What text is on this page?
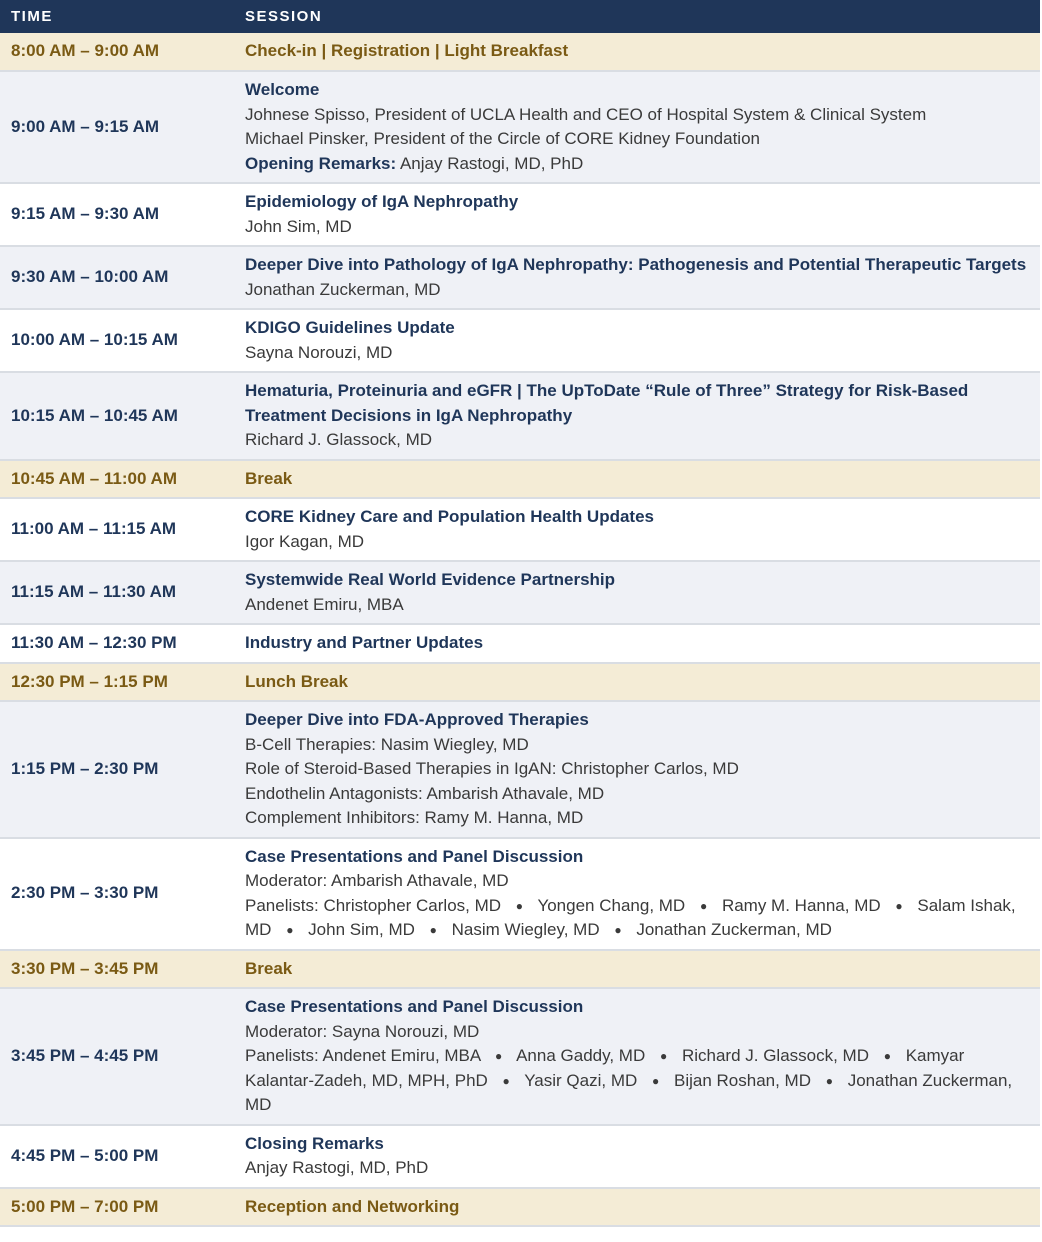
TIME	SESSION
8:00 AM – 9:00 AM	Check-in | Registration | Light Breakfast

9:00 AM – 9:15 AM	Welcome
Johnese Spisso, President of UCLA Health and CEO of Hospital System & Clinical System
Michael Pinsker, President of the Circle of CORE Kidney Foundation
Opening Remarks: Anjay Rastogi, MD, PhD

9:15 AM – 9:30 AM	Epidemiology of IgA Nephropathy
John Sim, MD

9:30 AM – 10:00 AM	Deeper Dive into Pathology of IgA Nephropathy: Pathogenesis and Potential Therapeutic Targets
Jonathan Zuckerman, MD

10:00 AM – 10:15 AM	KDIGO Guidelines Update
Sayna Norouzi, MD

10:15 AM – 10:45 AM	Hematuria, Proteinuria and eGFR | The UpToDate “Rule of Three” Strategy for Risk-Based Treatment Decisions in IgA Nephropathy
Richard J. Glassock, MD

10:45 AM – 11:00 AM	Break

11:00 AM – 11:15 AM	CORE Kidney Care and Population Health Updates
Igor Kagan, MD

11:15 AM – 11:30 AM	Systemwide Real World Evidence Partnership
Andenet Emiru, MBA

11:30 AM – 12:30 PM	Industry and Partner Updates

12:30 PM – 1:15 PM	Lunch Break

1:15 PM – 2:30 PM	Deeper Dive into FDA-Approved Therapies
B-Cell Therapies: Nasim Wiegley, MD
Role of Steroid-Based Therapies in IgAN: Christopher Carlos, MD
Endothelin Antagonists: Ambarish Athavale, MD
Complement Inhibitors: Ramy M. Hanna, MD

2:30 PM – 3:30 PM	Case Presentations and Panel Discussion
Moderator: Ambarish Athavale, MD
Panelists: Christopher Carlos, MD ● Yongen Chang, MD ● Ramy M. Hanna, MD ● Salam Ishak, MD ● John Sim, MD ● Nasim Wiegley, MD ● Jonathan Zuckerman, MD

3:30 PM – 3:45 PM	Break

3:45 PM – 4:45 PM	Case Presentations and Panel Discussion
Moderator: Sayna Norouzi, MD
Panelists: Andenet Emiru, MBA ● Anna Gaddy, MD ● Richard J. Glassock, MD ● Kamyar Kalantar-Zadeh, MD, MPH, PhD ● Yasir Qazi, MD ● Bijan Roshan, MD ● Jonathan Zuckerman, MD

4:45 PM – 5:00 PM	Closing Remarks
Anjay Rastogi, MD, PhD

5:00 PM – 7:00 PM	Reception and Networking
